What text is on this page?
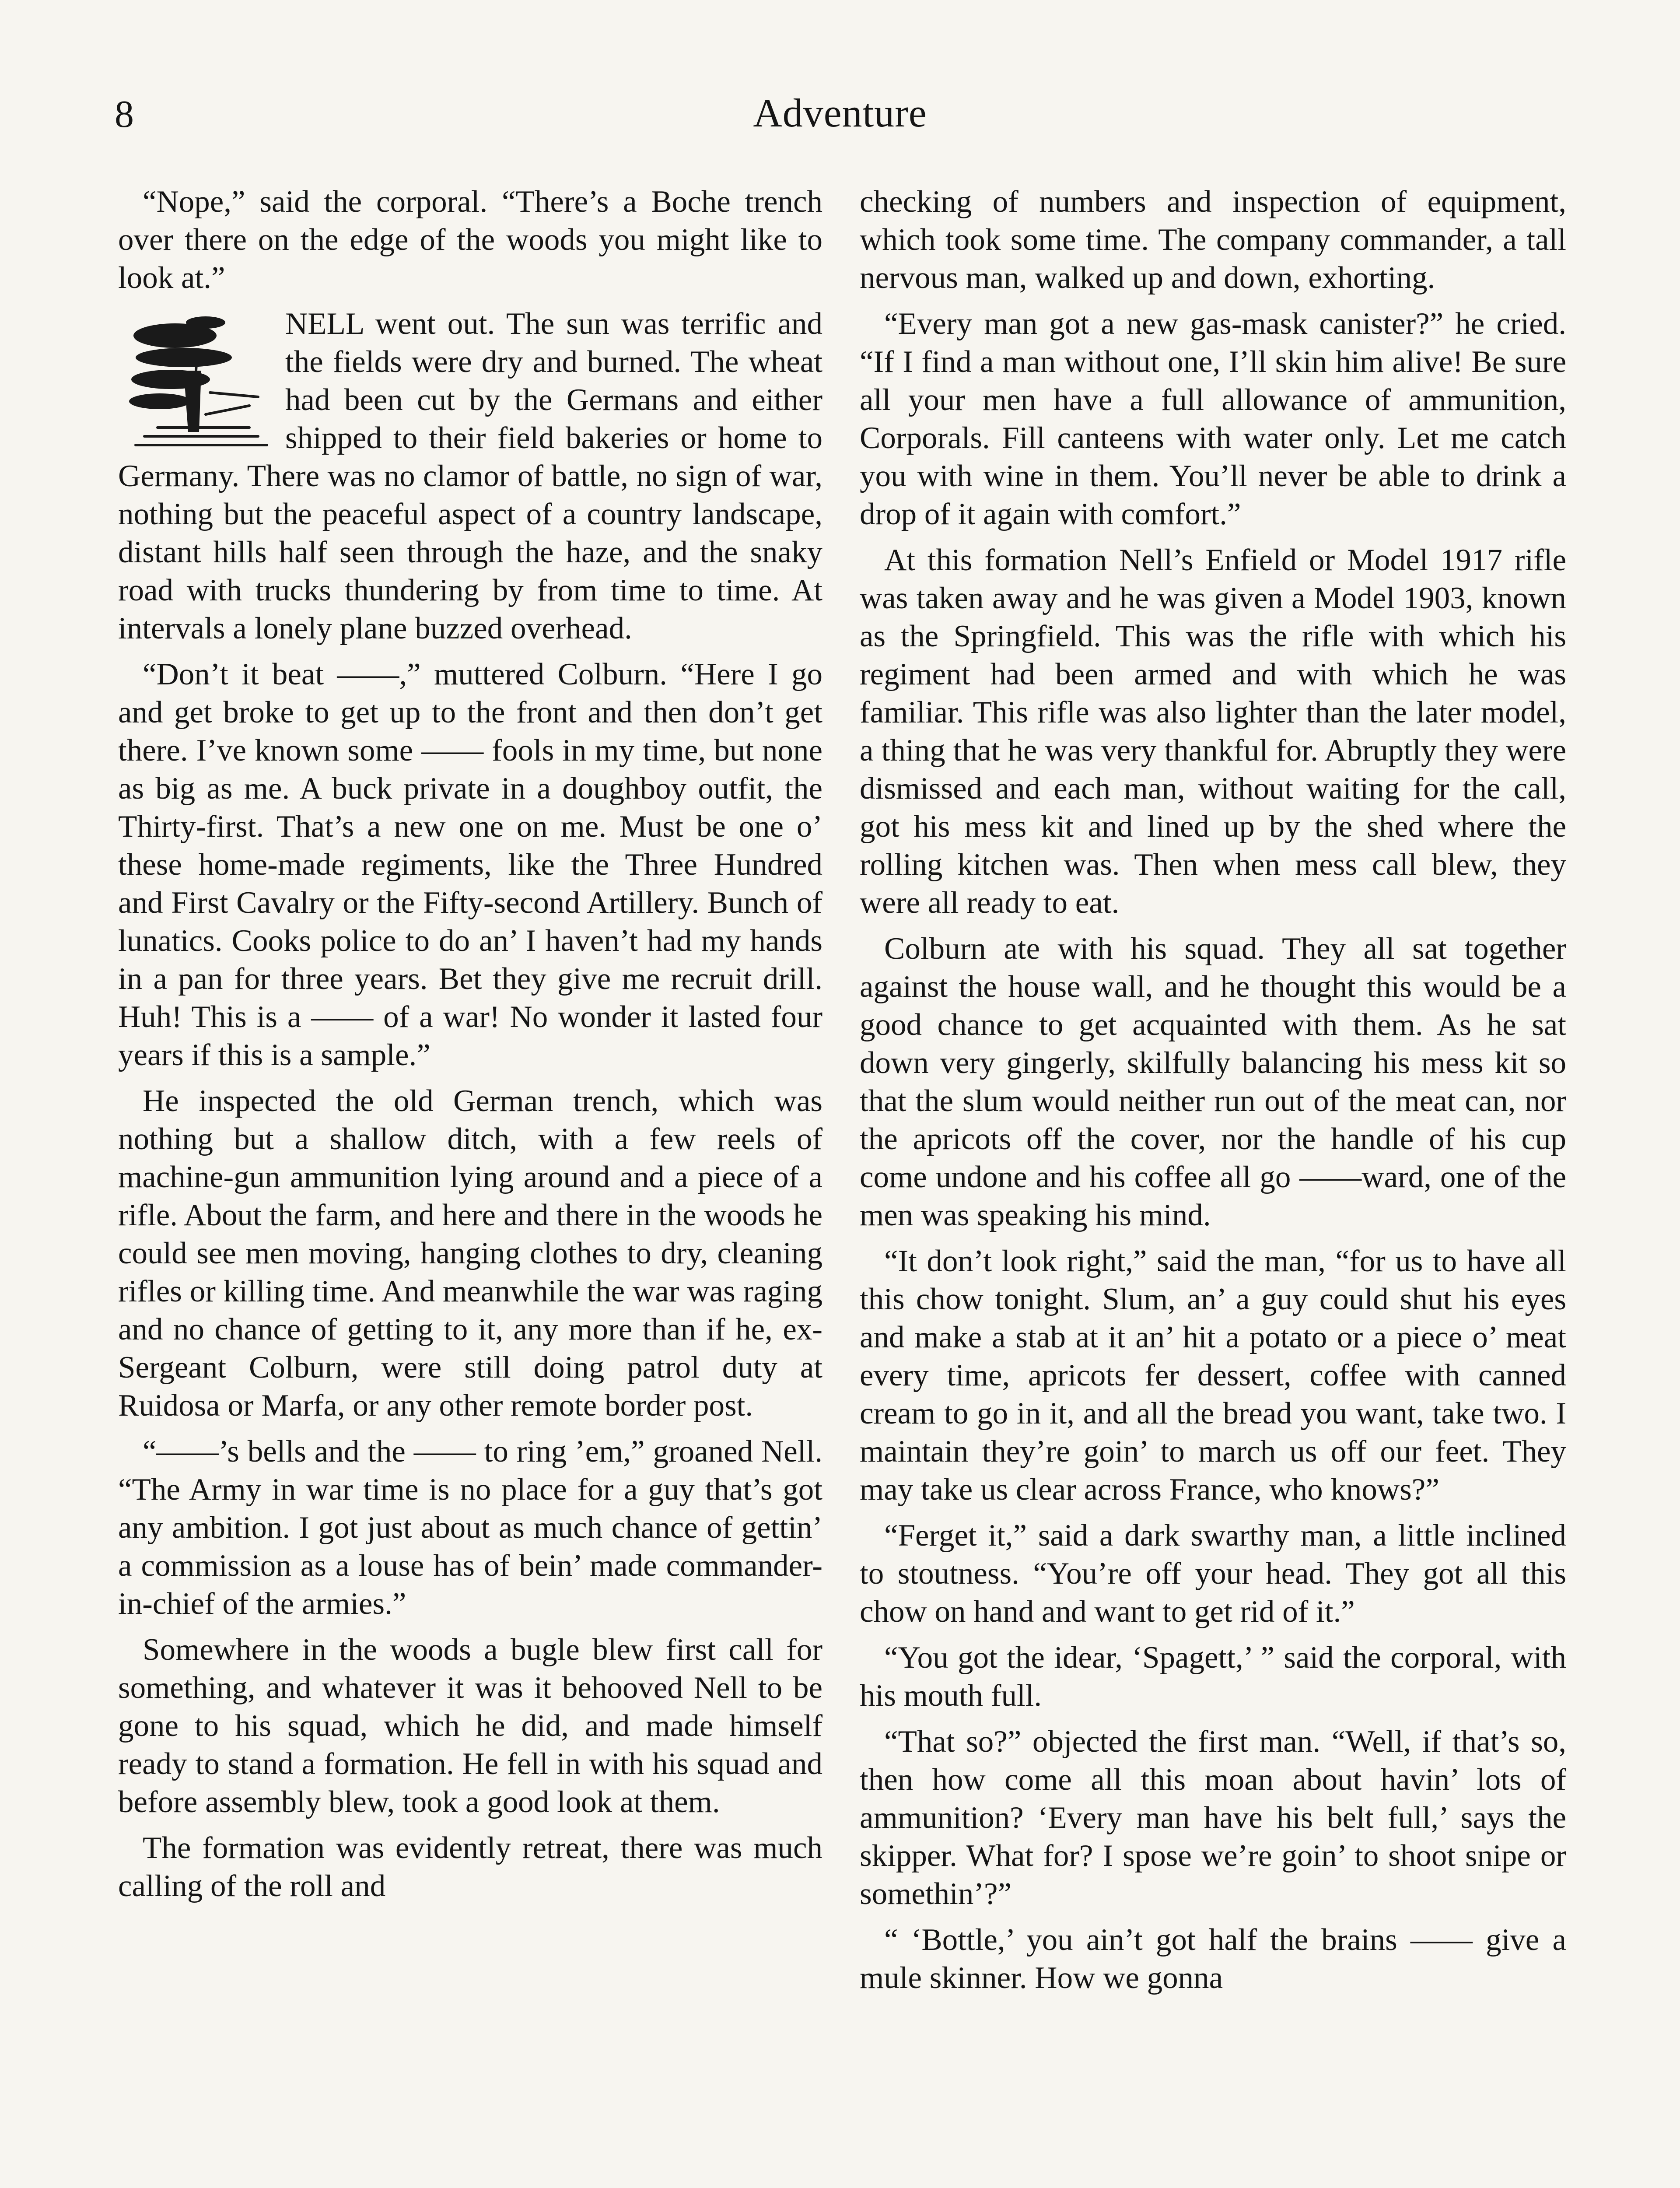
8	Adventure

“Nope,” said the corporal. “There’s a Boche trench over there on the edge of the woods you might like to look at.”

NELL went out. The sun was terrific and the fields were dry and burned. The wheat had been cut by the Germans and either shipped to their field bakeries or home to Germany. There was no clamor of battle, no sign of war, nothing but the peaceful aspect of a country landscape, distant hills half seen through the haze, and the snaky road with trucks thundering by from time to time. At intervals a lonely plane buzzed overhead.

“Don’t it beat ——,” muttered Colburn. “Here I go and get broke to get up to the front and then don’t get there. I’ve known some —— fools in my time, but none as big as me. A buck private in a doughboy outfit, the Thirty-first. That’s a new one on me. Must be one o’ these home-made regiments, like the Three Hundred and First Cavalry or the Fifty-second Artillery. Bunch of lunatics. Cooks police to do an’ I haven’t had my hands in a pan for three years. Bet they give me recruit drill. Huh! This is a —— of a war! No wonder it lasted four years if this is a sample.”

He inspected the old German trench, which was nothing but a shallow ditch, with a few reels of machine-gun ammunition lying around and a piece of a rifle. About the farm, and here and there in the woods he could see men moving, hanging clothes to dry, cleaning rifles or killing time. And meanwhile the war was raging and no chance of getting to it, any more than if he, ex-Sergeant Colburn, were still doing patrol duty at Ruidosa or Marfa, or any other remote border post.

“——’s bells and the —— to ring ’em,” groaned Nell. “The Army in war time is no place for a guy that’s got any ambition. I got just about as much chance of gettin’ a commission as a louse has of bein’ made commander-in-chief of the armies.”

Somewhere in the woods a bugle blew first call for something, and whatever it was it behooved Nell to be gone to his squad, which he did, and made himself ready to stand a formation. He fell in with his squad and before assembly blew, took a good look at them.

The formation was evidently retreat, there was much calling of the roll and

checking of numbers and inspection of equipment, which took some time. The company commander, a tall nervous man, walked up and down, exhorting.

“Every man got a new gas-mask canister?” he cried. “If I find a man without one, I’ll skin him alive! Be sure all your men have a full allowance of ammunition, Corporals. Fill canteens with water only. Let me catch you with wine in them. You’ll never be able to drink a drop of it again with comfort.”

At this formation Nell’s Enfield or Model 1917 rifle was taken away and he was given a Model 1903, known as the Springfield. This was the rifle with which his regiment had been armed and with which he was familiar. This rifle was also lighter than the later model, a thing that he was very thankful for. Abruptly they were dismissed and each man, without waiting for the call, got his mess kit and lined up by the shed where the rolling kitchen was. Then when mess call blew, they were all ready to eat.

Colburn ate with his squad. They all sat together against the house wall, and he thought this would be a good chance to get acquainted with them. As he sat down very gingerly, skilfully balancing his mess kit so that the slum would neither run out of the meat can, nor the apricots off the cover, nor the handle of his cup come undone and his coffee all go ——ward, one of the men was speaking his mind.

“It don’t look right,” said the man, “for us to have all this chow tonight. Slum, an’ a guy could shut his eyes and make a stab at it an’ hit a potato or a piece o’ meat every time, apricots fer dessert, coffee with canned cream to go in it, and all the bread you want, take two. I maintain they’re goin’ to march us off our feet. They may take us clear across France, who knows?”

“Ferget it,” said a dark swarthy man, a little inclined to stoutness. “You’re off your head. They got all this chow on hand and want to get rid of it.”

“You got the idear, ‘Spagett,’ ” said the corporal, with his mouth full.

“That so?” objected the first man. “Well, if that’s so, then how come all this moan about havin’ lots of ammunition? ‘Every man have his belt full,’ says the skipper. What for? I spose we’re goin’ to shoot snipe or somethin’?”

“ ‘Bottle,’ you ain’t got half the brains —— give a mule skinner. How we gonna
